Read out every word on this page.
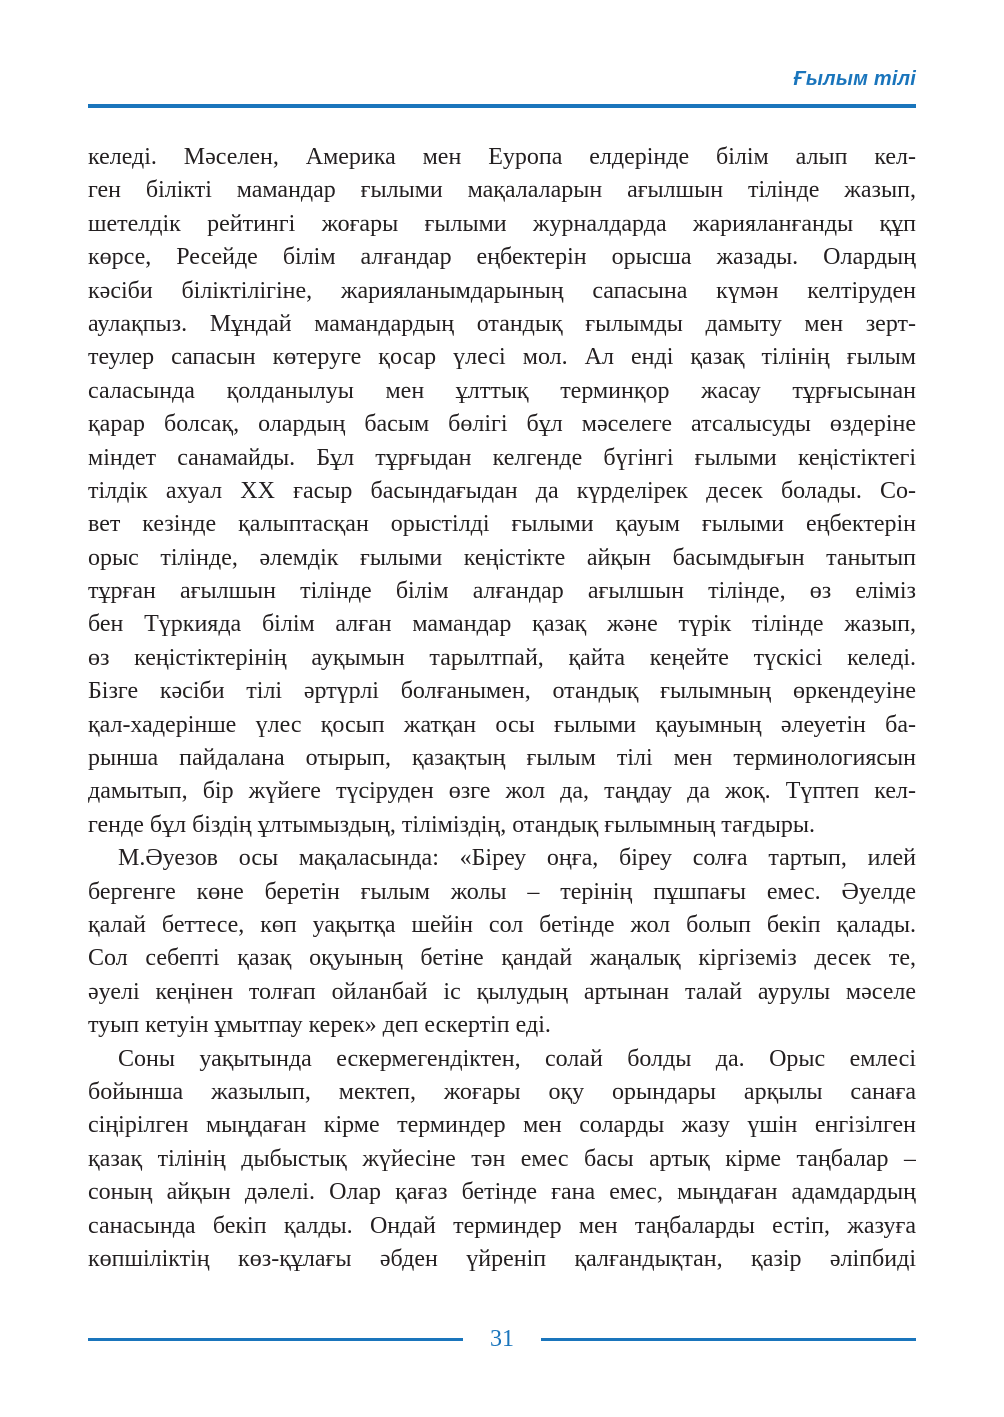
Ғылым тілі
келеді. Мәселен, Америка мен Еуропа елдерінде білім алып кел-
ген білікті мамандар ғылыми мақалаларын ағылшын тілінде жазып,
шетелдік рейтингі жоғары ғылыми журналдарда жарияланғанды құп
көрсе, Ресейде білім алғандар еңбектерін орысша жазады. Олардың
кәсіби біліктілігіне, жарияланымдарының сапасына күмән келтіруден
аулақпыз. Мұндай мамандардың отандық ғылымды дамыту мен зерт-
теулер сапасын көтеруге қосар үлесі мол. Ал енді қазақ тілінің ғылым
саласында қолданылуы мен ұлттық терминқор жасау тұрғысынан
қарар болсақ, олардың басым бөлігі бұл мәселеге атсалысуды өздеріне
міндет санамайды. Бұл тұрғыдан келгенде бүгінгі ғылыми кеңістіктегі
тілдік ахуал ХХ ғасыр басындағыдан да күрделірек десек болады. Со-
вет кезінде қалыптасқан орыстілді ғылыми қауым ғылыми еңбектерін
орыс тілінде, әлемдік ғылыми кеңістікте айқын басымдығын танытып
тұрған ағылшын тілінде білім алғандар ағылшын тілінде, өз еліміз
бен Түркияда білім алған мамандар қазақ және түрік тілінде жазып,
өз кеңістіктерінің ауқымын тарылтпай, қайта кеңейте түскісі келеді.
Бізге кәсіби тілі әртүрлі болғанымен, отандық ғылымның өркендеуіне
қал-хадерінше үлес қосып жатқан осы ғылыми қауымның әлеуетін ба-
рынша пайдалана отырып, қазақтың ғылым тілі мен терминологиясын
дамытып, бір жүйеге түсіруден өзге жол да, таңдау да жоқ. Түптеп кел-
генде бұл біздің ұлтымыздың, тіліміздің, отандық ғылымның тағдыры.
М.Әуезов осы мақаласында: «Біреу оңға, біреу солға тартып, илей
бергенге көне беретін ғылым жолы – терінің пұшпағы емес. Әуелде
қалай беттесе, көп уақытқа шейін сол бетінде жол болып бекіп қалады.
Сол себепті қазақ оқуының бетіне қандай жаңалық кіргіземіз десек те,
әуелі кеңінен толғап ойланбай іс қылудың артынан талай аурулы мәселе
туып кетуін ұмытпау керек» деп ескертіп еді.
Соны уақытында ескермегендіктен, солай болды да. Орыс емлесі
бойынша жазылып, мектеп, жоғары оқу орындары арқылы санаға
сіңірілген мыңдаған кірме терминдер мен соларды жазу үшін енгізілген
қазақ тілінің дыбыстық жүйесіне тән емес басы артық кірме таңбалар –
соның айқын дәлелі. Олар қағаз бетінде ғана емес, мыңдаған адамдардың
санасында бекіп қалды. Ондай терминдер мен таңбаларды естіп, жазуға
көпшіліктің көз-құлағы әбден үйреніп қалғандықтан, қазір әліпбиді
31
